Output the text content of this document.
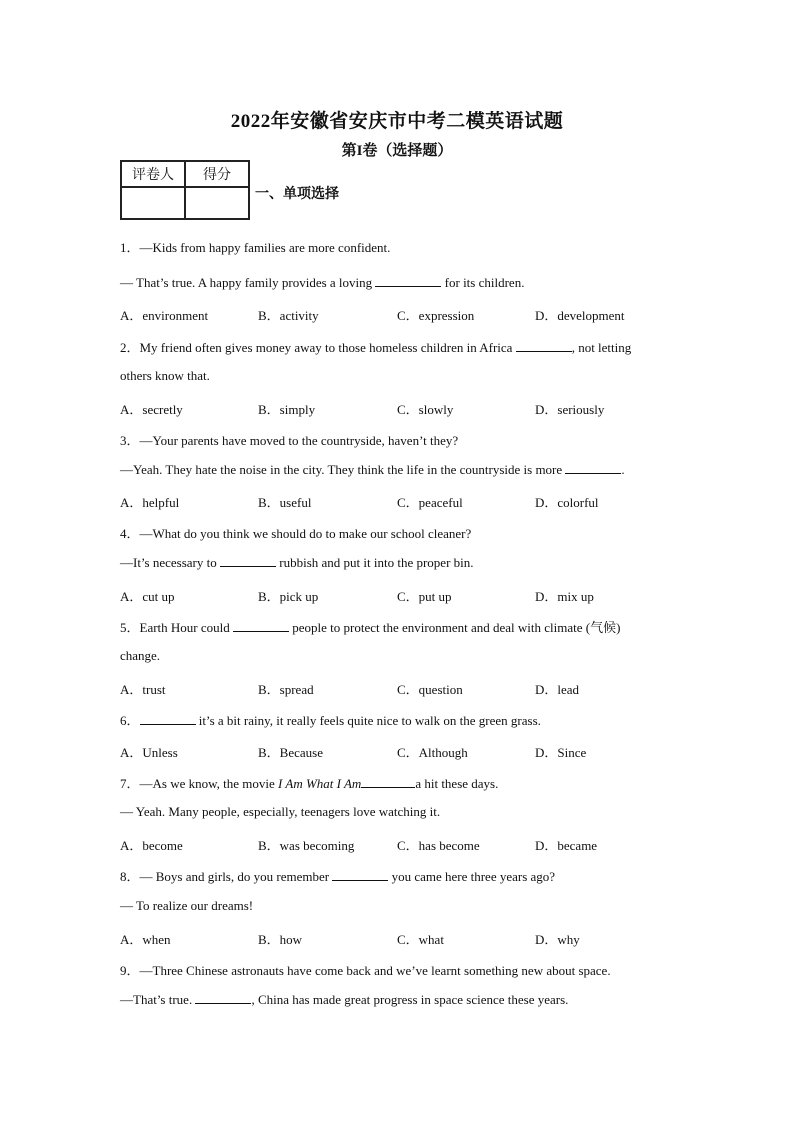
2022年安徽省安庆市中考二模英语试题
第I卷（选择题）
评卷人	得分

一、单项选择
1．—Kids from happy families are more confident.
— That’s true. A happy family provides a loving	for its children.
A．environment	B．activity	C．expression	D．development
2．My friend often gives money away to those homeless children in Africa	, not letting
others know that.
A．secretly	B．simply	C．slowly	D．seriously
3．—Your parents have moved to the countryside, haven’t they?
—Yeah. They hate the noise in the city. They think the life in the countryside is more	.
A．helpful	B．useful	C．peaceful	D．colorful
4．—What do you think we should do to make our school cleaner?
—It’s necessary to	rubbish and put it into the proper bin.
A．cut up	B．pick up	C．put up	D．mix up
5．Earth Hour could	people to protect the environment and deal with climate (气候)
change.
A．trust	B．spread	C．question	D．lead
6．	it’s a bit rainy, it really feels quite nice to walk on the green grass.
A．Unless	B．Because	C．Although	D．Since
7．—As we know, the movie I Am What I Am	a hit these days.
— Yeah. Many people, especially, teenagers love watching it.
A．become	B．was becoming	C．has become	D．became
8．— Boys and girls, do you remember	you came here three years ago?
— To realize our dreams!
A．when	B．how	C．what	D．why
9．—Three Chinese astronauts have come back and we’ve learnt something new about space.
—That’s true.	, China has made great progress in space science these years.
